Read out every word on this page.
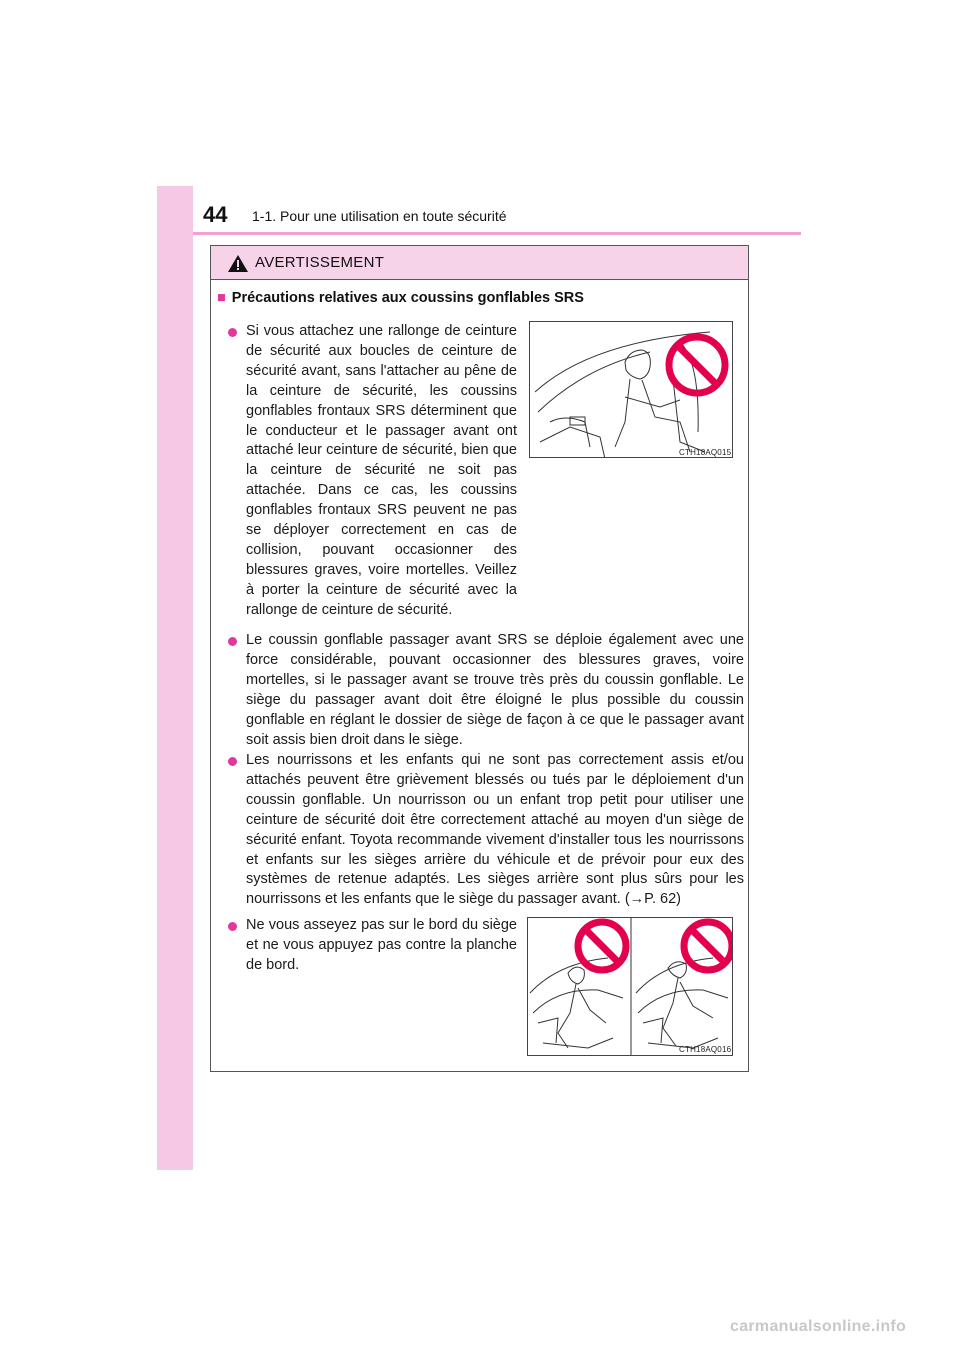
44 1-1. Pour une utilisation en toute sécurité
AVERTISSEMENT
■ Précautions relatives aux coussins gonflables SRS
Si vous attachez une rallonge de ceinture de sécurité aux boucles de ceinture de sécurité avant, sans l'attacher au pêne de la ceinture de sécurité, les coussins gonflables frontaux SRS déterminent que le conducteur et le passager avant ont attaché leur ceinture de sécurité, bien que la ceinture de sécurité ne soit pas attachée. Dans ce cas, les coussins gonflables frontaux SRS peuvent ne pas se déployer correctement en cas de collision, pouvant occasionner des blessures graves, voire mortelles. Veillez à porter la ceinture de sécurité avec la rallonge de ceinture de sécurité.
CTH18AQ015
Le coussin gonflable passager avant SRS se déploie également avec une force considérable, pouvant occasionner des blessures graves, voire mortelles, si le passager avant se trouve très près du coussin gonflable. Le siège du passager avant doit être éloigné le plus possible du coussin gonflable en réglant le dossier de siège de façon à ce que le passager avant soit assis bien droit dans le siège.
Les nourrissons et les enfants qui ne sont pas correctement assis et/ou attachés peuvent être grièvement blessés ou tués par le déploiement d'un coussin gonflable. Un nourrisson ou un enfant trop petit pour utiliser une ceinture de sécurité doit être correctement attaché au moyen d'un siège de sécurité enfant. Toyota recommande vivement d'installer tous les nourrissons et enfants sur les sièges arrière du véhicule et de prévoir pour eux des systèmes de retenue adaptés. Les sièges arrière sont plus sûrs pour les nourrissons et les enfants que le siège du passager avant. (→P. 62)
Ne vous asseyez pas sur le bord du siège et ne vous appuyez pas contre la planche de bord.
CTH18AQ016
carmanualsonline.info
